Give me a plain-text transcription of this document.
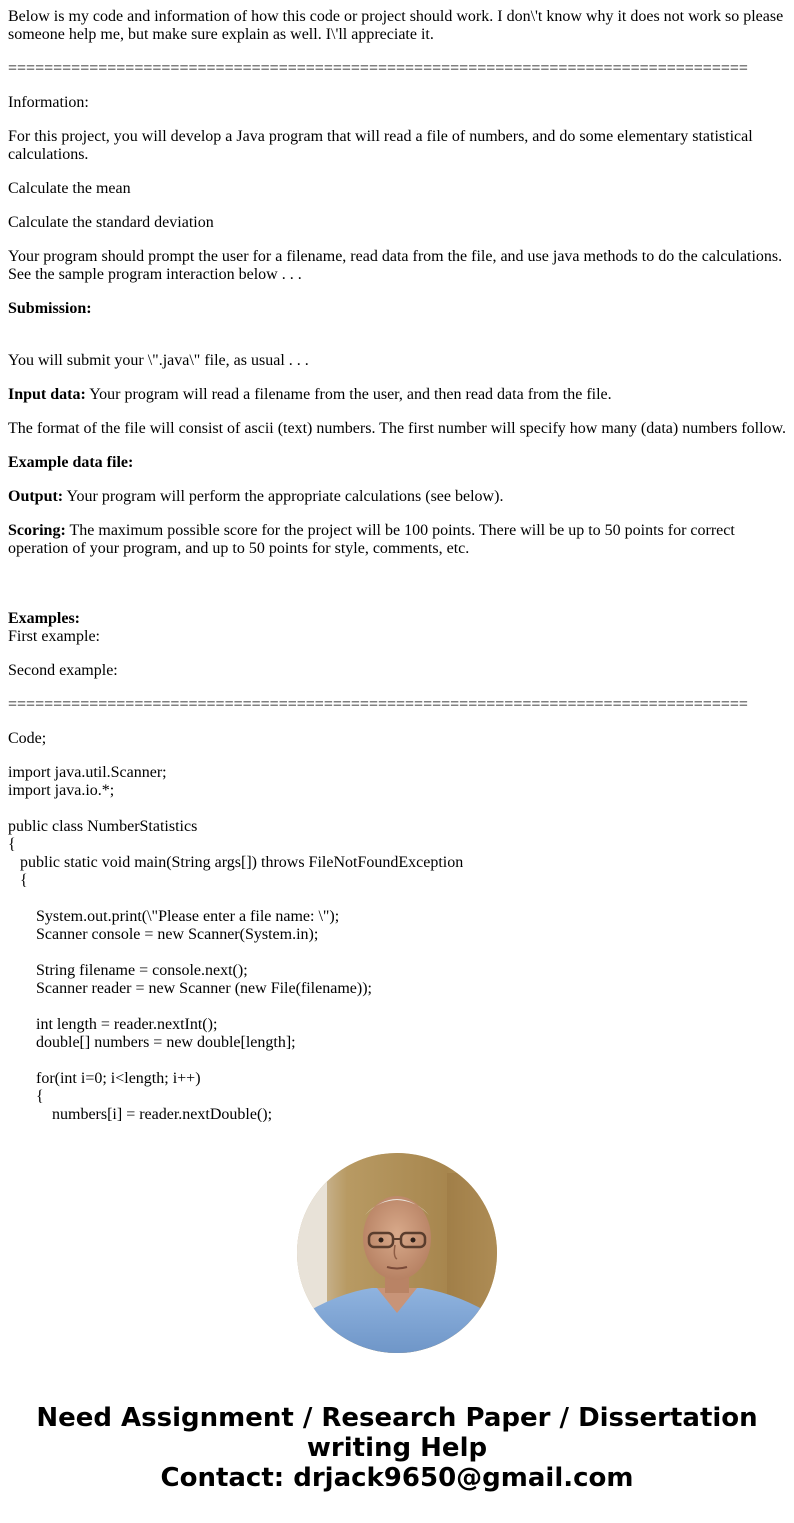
Below is my code and information of how this code or project should work. I don\'t know why it does not work so please someone help me, but make sure explain as well. I\'ll appreciate it.

==================================================================================

Information:

For this project, you will develop a Java program that will read a file of numbers, and do some elementary statistical calculations.

Calculate the mean

Calculate the standard deviation

Your program should prompt the user for a filename, read data from the file, and use java methods to do the calculations. See the sample program interaction below . . .

Submission:

You will submit your \".java\" file, as usual . . .

Input data: Your program will read a filename from the user, and then read data from the file.

The format of the file will consist of ascii (text) numbers. The first number will specify how many (data) numbers follow.

Example data file:

Output: Your program will perform the appropriate calculations (see below).

Scoring: The maximum possible score for the project will be 100 points. There will be up to 50 points for correct operation of your program, and up to 50 points for style, comments, etc.

Examples:

First example:

Second example:

==================================================================================

Code;

import java.util.Scanner;
import java.io.*;
public class NumberStatistics
{
public static void main(String args[]) throws FileNotFoundException
{
System.out.print(\"Please enter a file name: \");
Scanner console = new Scanner(System.in);
String filename = console.next();
Scanner reader = new Scanner (new File(filename));
int length = reader.nextInt();
double[] numbers = new double[length];
for(int i=0; i<length; i++)
{
numbers[i] = reader.nextDouble();
Need Assignment / Research Paper / Dissertation
writing Help
Contact: drjack9650@gmail.com
